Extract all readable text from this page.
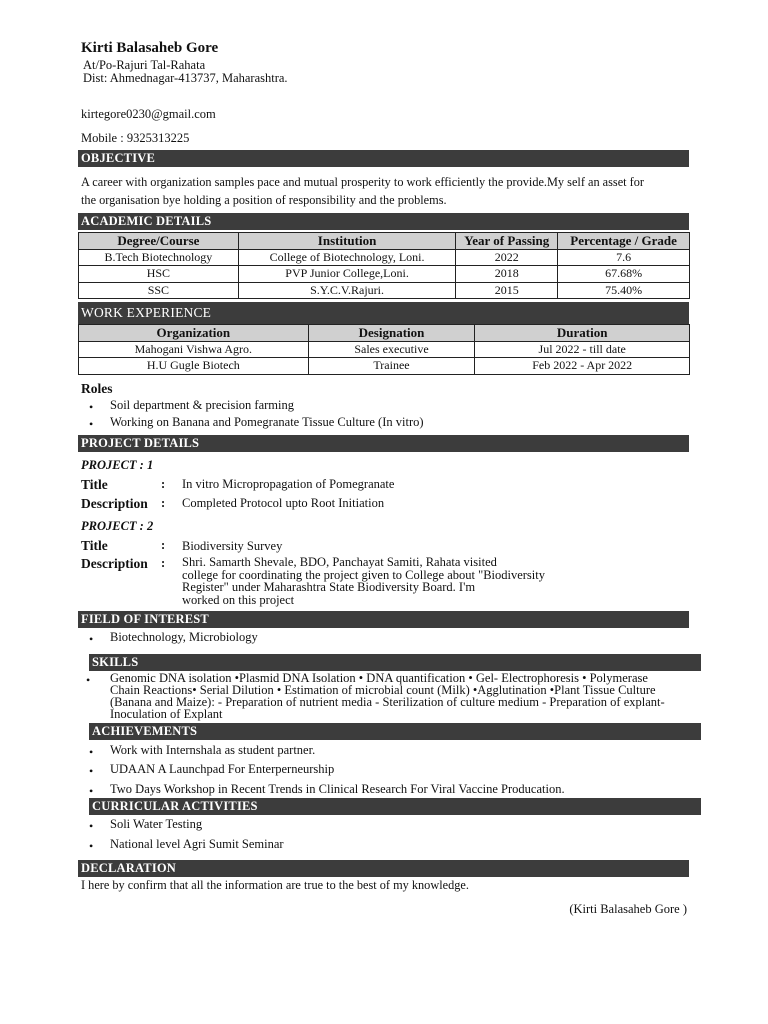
Kirti Balasaheb Gore
At/Po-Rajuri Tal-Rahata
Dist: Ahmednagar-413737, Maharashtra.
kirtegore0230@gmail.com
Mobile : 9325313225
OBJECTIVE
A career with organization samples pace and mutual prosperity to work efficiently the provide.My self an asset for
the organisation bye holding a position of responsibility and the problems.
ACADEMIC DETAILS
Degree/Course	Institution	Year of Passing	Percentage / Grade
B.Tech Biotechnology	College of Biotechnology, Loni.	2022	7.6
HSC	PVP Junior College,Loni.	2018	67.68%
SSC	S.Y.C.V.Rajuri.	2015	75.40%
WORK EXPERIENCE
Organization	Designation	Duration
Mahogani Vishwa Agro.	Sales executive	Jul 2022 - till date
H.U Gugle Biotech	Trainee	Feb 2022 - Apr 2022
Roles
• Soil department & precision farming
• Working on Banana and Pomegranate Tissue Culture (In vitro)
PROJECT DETAILS
PROJECT : 1
Title	: In vitro Micropropagation of Pomegranate
Description : Completed Protocol upto Root Initiation
PROJECT : 2
Title	: Biodiversity Survey
Description : Shri. Samarth Shevale, BDO, Panchayat Samiti, Rahata visited
college for coordinating the project given to College about "Biodiversity
Register" under Maharashtra State Biodiversity Board. I'm
worked on this project
FIELD OF INTEREST
• Biotechnology, Microbiology
SKILLS
• Genomic DNA isolation •Plasmid DNA Isolation • DNA quantification • Gel- Electrophoresis • Polymerase
Chain Reactions• Serial Dilution • Estimation of microbial count (Milk) •Agglutination •Plant Tissue Culture
(Banana and Maize): - Preparation of nutrient media - Sterilization of culture medium - Preparation of explant-
Inoculation of Explant
ACHIEVEMENTS
• Work with Internshala as student partner.
• UDAAN A Launchpad For Enterperneurship
• Two Days Workshop in Recent Trends in Clinical Research For Viral Vaccine Producation.
CURRICULAR ACTIVITIES
• Soli Water Testing
• National level Agri Sumit Seminar
DECLARATION
I here by confirm that all the information are true to the best of my knowledge.
(Kirti Balasaheb Gore )
